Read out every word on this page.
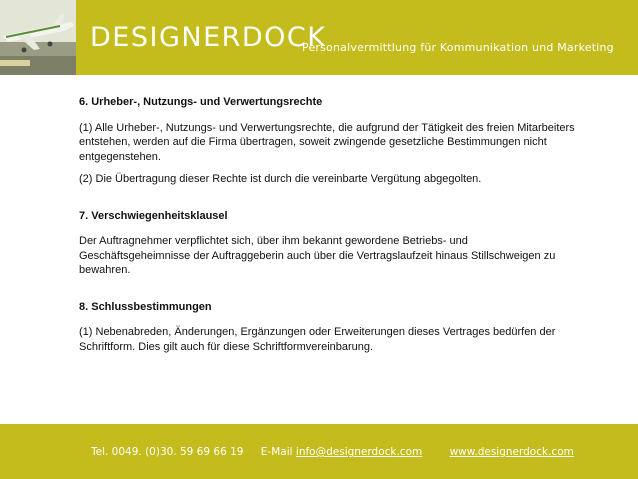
DESIGNERDOCK
Personalvermittlung für Kommunikation und Marketing
6. Urheber-, Nutzungs- und Verwertungsrechte

(1) Alle Urheber-, Nutzungs- und Verwertungsrechte, die aufgrund der Tätigkeit des freien Mitarbeiters entstehen, werden auf die Firma übertragen, soweit zwingende gesetzliche Bestimmungen nicht entgegenstehen.

(2) Die Übertragung dieser Rechte ist durch die vereinbarte Vergütung abgegolten.

7. Verschwiegenheitsklausel

Der Auftragnehmer verpflichtet sich, über ihm bekannt gewordene Betriebs- und Geschäftsgeheimnisse der Auftraggeberin auch über die Vertragslaufzeit hinaus Stillschweigen zu bewahren.

8. Schlussbestimmungen

(1) Nebenabreden, Änderungen, Ergänzungen oder Erweiterungen dieses Vertrages bedürfen der Schriftform. Dies gilt auch für diese Schriftformvereinbarung.

Tel. 0049. (0)30. 59 69 66 19 E-Mail info@designerdock.com	www.designerdock.com
